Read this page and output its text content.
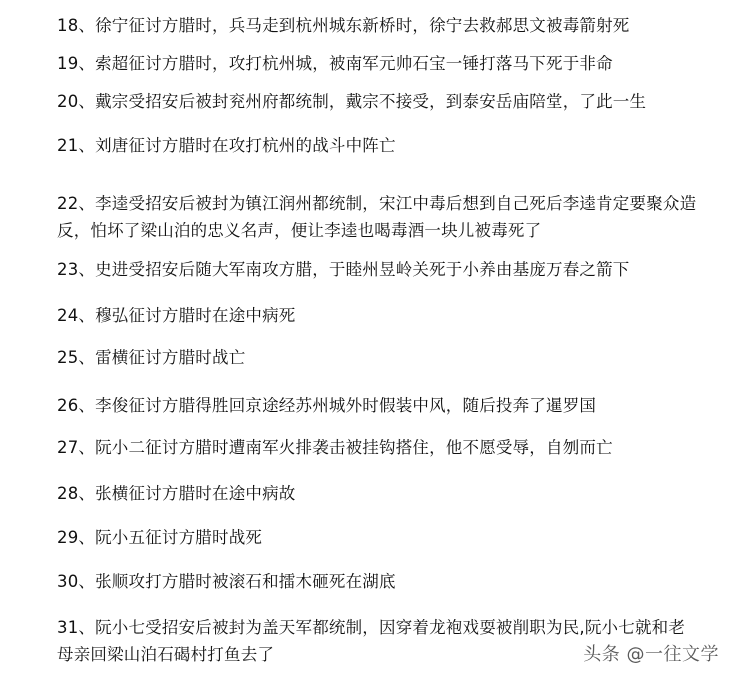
18、徐宁征讨方腊时，兵马走到杭州城东新桥时，徐宁去救郝思文被毒箭射死
19、索超征讨方腊时，攻打杭州城，被南军元帅石宝一锤打落马下死于非命
20、戴宗受招安后被封兖州府都统制，戴宗不接受，到泰安岳庙陪堂，了此一生
21、刘唐征讨方腊时在攻打杭州的战斗中阵亡
22、李逵受招安后被封为镇江润州都统制，宋江中毒后想到自己死后李逵肯定要聚众造反，怕坏了梁山泊的忠义名声，便让李逵也喝毒酒一块儿被毒死了
23、史进受招安后随大军南攻方腊，于睦州昱岭关死于小养由基庞万春之箭下
24、穆弘征讨方腊时在途中病死
25、雷横征讨方腊时战亡
26、李俊征讨方腊得胜回京途经苏州城外时假装中风，随后投奔了暹罗国
27、阮小二征讨方腊时遭南军火排袭击被挂钩搭住，他不愿受辱，自刎而亡
28、张横征讨方腊时在途中病故
29、阮小五征讨方腊时战死
30、张顺攻打方腊时被滚石和擂木砸死在湖底
31、阮小七受招安后被封为盖天军都统制，因穿着龙袍戏耍被削职为民,阮小七就和老母亲回梁山泊石碣村打鱼去了	头条 @一往文学
